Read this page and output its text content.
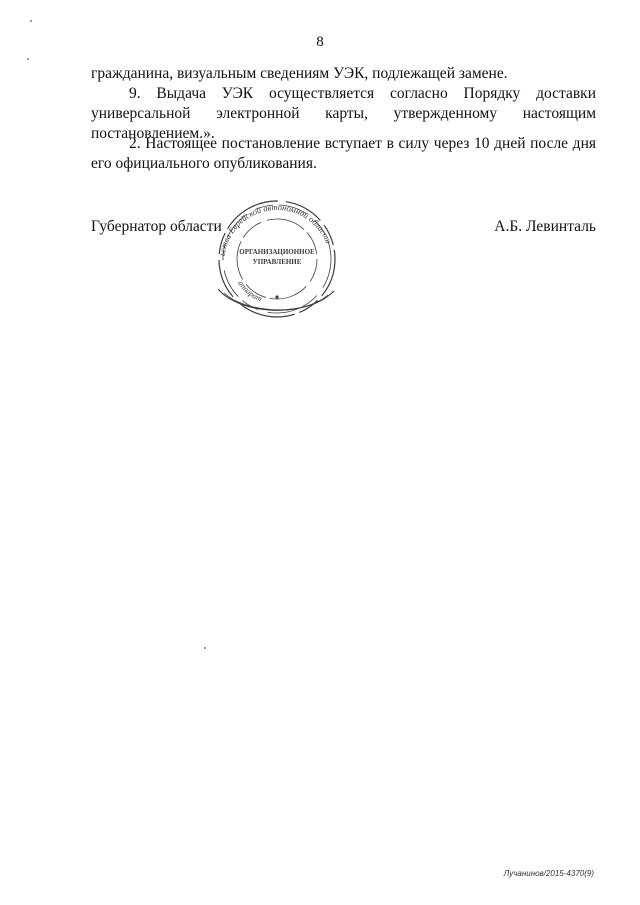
8
гражданина, визуальным сведениям УЭК, подлежащей замене.
9. Выдача УЭК осуществляется согласно Порядку доставки
универсальной электронной карты, утвержденному настоящим
постановлением.».
2. Настоящее постановление вступает в силу через 10 дней после дня
его официального опубликования.
Губернатор области	А.Б. Левинталь
ьства Еврейской автономной области
аппарат
ОРГАНИЗАЦИОННОЕ
УПРАВЛЕНИЕ
Лучанинов/2015-4370(9)
